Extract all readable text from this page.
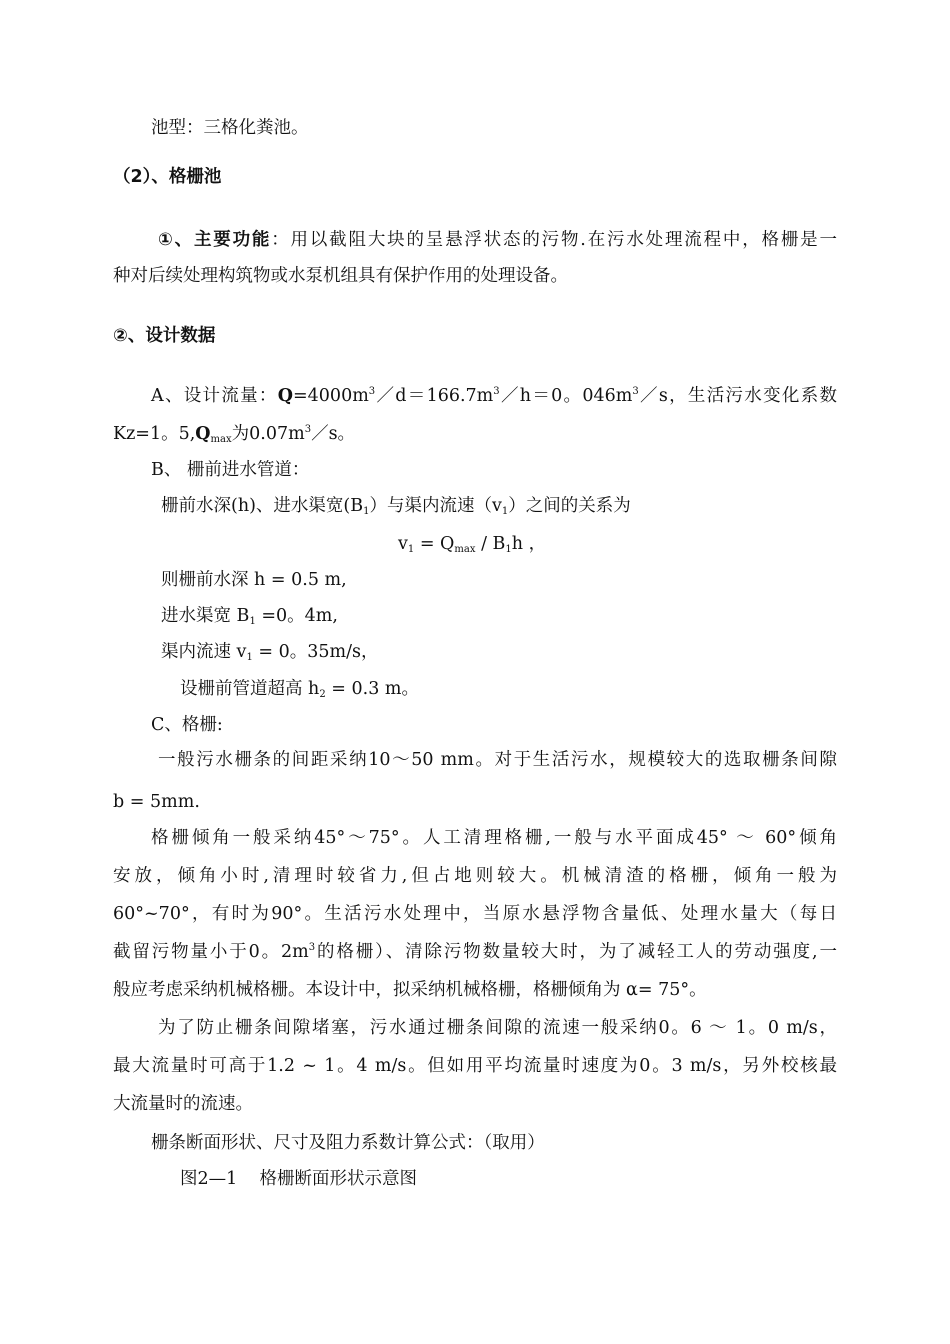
池型：三格化粪池。
（2）、格栅池
①、主要功能：用以截阻大块的呈悬浮状态的污物.在污水处理流程中，格栅是一
种对后续处理构筑物或水泵机组具有保护作用的处理设备。
②、设计数据
A、设计流量：$Q=4000m^3/d=166.7m^3/h=0$。$046m^3/s$，生活污水变化系数
Kz=1。$5,Q_{max}$为$0.07m^3/s$。
B、 栅前进水管道：
栅前水深(h)、进水渠宽$(B_1)$与渠内流速$(v_1)$之间的关系为
$v_1 = Q_{max} / B_1h$ ，
则栅前水深 h = 0.5 m,
进水渠宽 $B_1 =0$。4m,
渠内流速 $v_1 = 0$。35m/s，
设栅前管道超高 $h_2 = 0.3$ m。
C、格栅:
一般污水栅条的间距采纳10～50 mm。对于生活污水，规模较大的选取栅条间隙
b = 5mm.
格栅倾角一般采纳45°～75°。人工清理格栅,一般与水平面成45° ～ 60°倾角
安放，倾角小时,清理时较省力,但占地则较大。机械清渣的格栅，倾角一般为
60°~70°，有时为90°。生活污水处理中，当原水悬浮物含量低、处理水量大（每日
截留污物量小于0。$2m^3$的格栅）、清除污物数量较大时，为了减轻工人的劳动强度,一
般应考虑采纳机械格栅。本设计中，拟采纳机械格栅，格栅倾角为 α= 75°。
为了防止栅条间隙堵塞，污水通过栅条间隙的流速一般采纳0。6 ～ 1。0 m/s，
最大流量时可高于1.2 ~ 1。4 m/s。但如用平均流量时速度为0。3 m/s，另外校核最
大流量时的流速。
栅条断面形状、尺寸及阻力系数计算公式：（取用）
图2—1    格栅断面形状示意图
